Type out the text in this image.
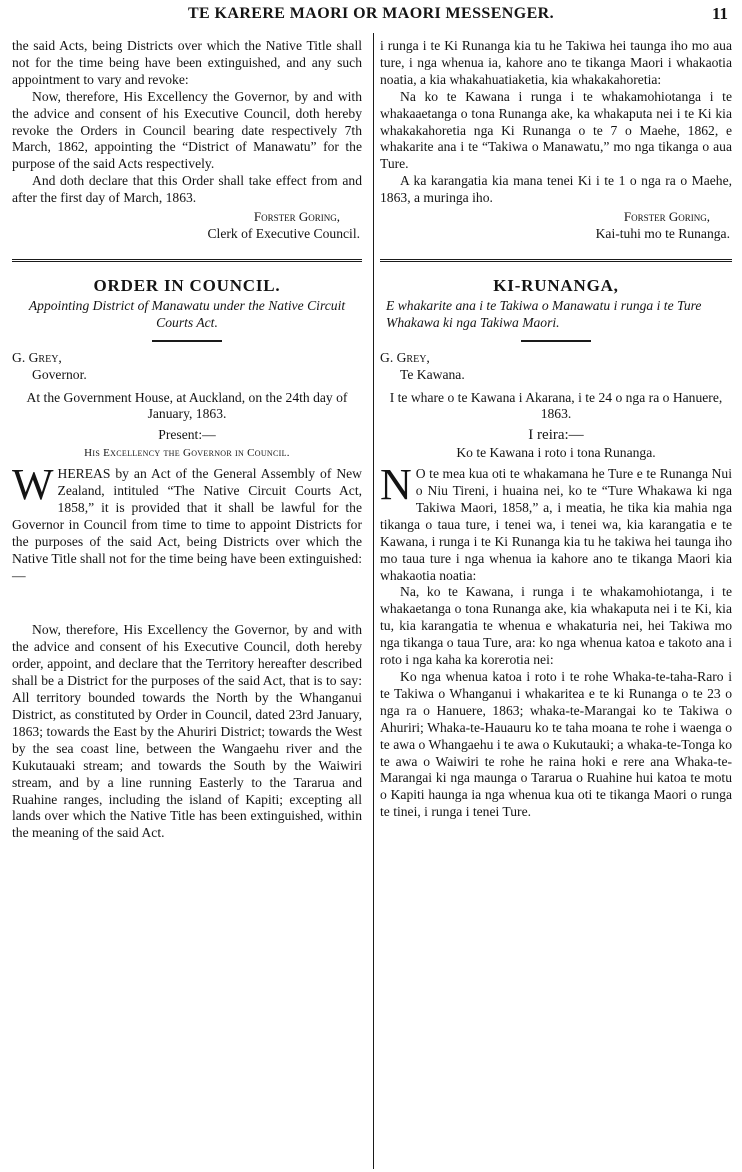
TE KARERE MAORI OR MAORI MESSENGER.	11

the said Acts, being Districts over which the Native Title shall not for the time being have been extinguished, and any such appointment to vary and revoke:

Now, therefore, His Excellency the Governor, by and with the advice and consent of his Executive Council, doth hereby revoke the Orders in Council bearing date respectively 7th March, 1862, appointing the “District of Manawatu” for the purpose of the said Acts respectively.

And doth declare that this Order shall take effect from and after the first day of March, 1863.

Forster Goring,

Clerk of Executive Council.

ORDER IN COUNCIL.

Appointing District of Manawatu under the Native Circuit Courts Act.

G. Grey,

Governor.

At the Government House, at Auckland, on the 24th day of January, 1863.

Present:—

His Excellency the Governor in Council.

WHEREAS by an Act of the General Assembly of New Zealand, intituled “The Native Circuit Courts Act, 1858,” it is provided that it shall be lawful for the Governor in Council from time to time to appoint Districts for the purposes of the said Act, being Districts over which the Native Title shall not for the time being have been extinguished:—

Now, therefore, His Excellency the Governor, by and with the advice and consent of his Executive Council, doth hereby order, appoint, and declare that the Territory hereafter described shall be a District for the purposes of the said Act, that is to say: All territory bounded towards the North by the Whanganui District, as constituted by Order in Council, dated 23rd January, 1863; towards the East by the Ahuriri District; towards the West by the sea coast line, between the Wangaehu river and the Kukutauaki stream; and towards the South by the Waiwiri stream, and by a line running Easterly to the Tararua and Ruahine ranges, including the island of Kapiti; excepting all lands over which the Native Title has been extinguished, within the meaning of the said Act.

i runga i te Ki Runanga kia tu he Takiwa hei taunga iho mo aua ture, i nga whenua ia, kahore ano te tikanga Maori i whakaotia noatia, a kia whakahuatiaketia, kia whakakahoretia:

Na ko te Kawana i runga i te whakamohiotanga i te whakaaetanga o tona Runanga ake, ka whakaputa nei i te Ki kia whakakahoretia nga Ki Runanga o te 7 o Maehe, 1862, e whakarite ana i te “Takiwa o Manawatu,” mo nga tikanga o aua Ture.

A ka karangatia kia mana tenei Ki i te 1 o nga ra o Maehe, 1863, a muringa iho.

Forster Goring,

Kai-tuhi mo te Runanga.

KI-RUNANGA,

E whakarite ana i te Takiwa o Manawatu i runga i te Ture Whakawa ki nga Takiwa Maori.

G. Grey,

Te Kawana.

I te whare o te Kawana i Akarana, i te 24 o nga ra o Hanuere, 1863.

I reira:—

Ko te Kawana i roto i tona Runanga.

N O te mea kua oti te whakamana he Ture e te Runanga Nui o Niu Tireni, i huaina nei, ko te “Ture Whakawa ki nga Takiwa Maori, 1858,” a, i meatia, he tika kia mahia nga tikanga o taua ture, i tenei wa, i tenei wa, kia karangatia e te Kawana, i runga i te Ki Runanga kia tu he takiwa hei taunga iho mo taua ture i nga whenua ia kahore ano te tikanga Maori kia whakaotia noatia:

Na, ko te Kawana, i runga i te whakamohiotanga, i te whakaetanga o tona Runanga ake, kia whakaputa nei i te Ki, kia tu, kia karangatia te whenua e whakaturia nei, hei Takiwa mo nga tikanga o taua Ture, ara: ko nga whenua katoa e takoto ana i roto i nga kaha ka korerotia nei:

Ko nga whenua katoa i roto i te rohe Whaka-te-taha-Raro i te Takiwa o Whanganui i whakaritea e te ki Runanga o te 23 o nga ra o Hanuere, 1863; whaka-te-Marangai ko te Takiwa o Ahuriri; Whaka-te-Hauauru ko te taha moana te rohe i waenga o te awa o Whangaehu i te awa o Kukutauki; a whaka-te-Tonga ko te awa o Waiwiri te rohe he raina hoki e rere ana Whaka-te-Marangai ki nga maunga o Tararua o Ruahine hui katoa te motu o Kapiti haunga ia nga whenua kua oti te tikanga Maori o runga te tinei, i runga i tenei Ture.
